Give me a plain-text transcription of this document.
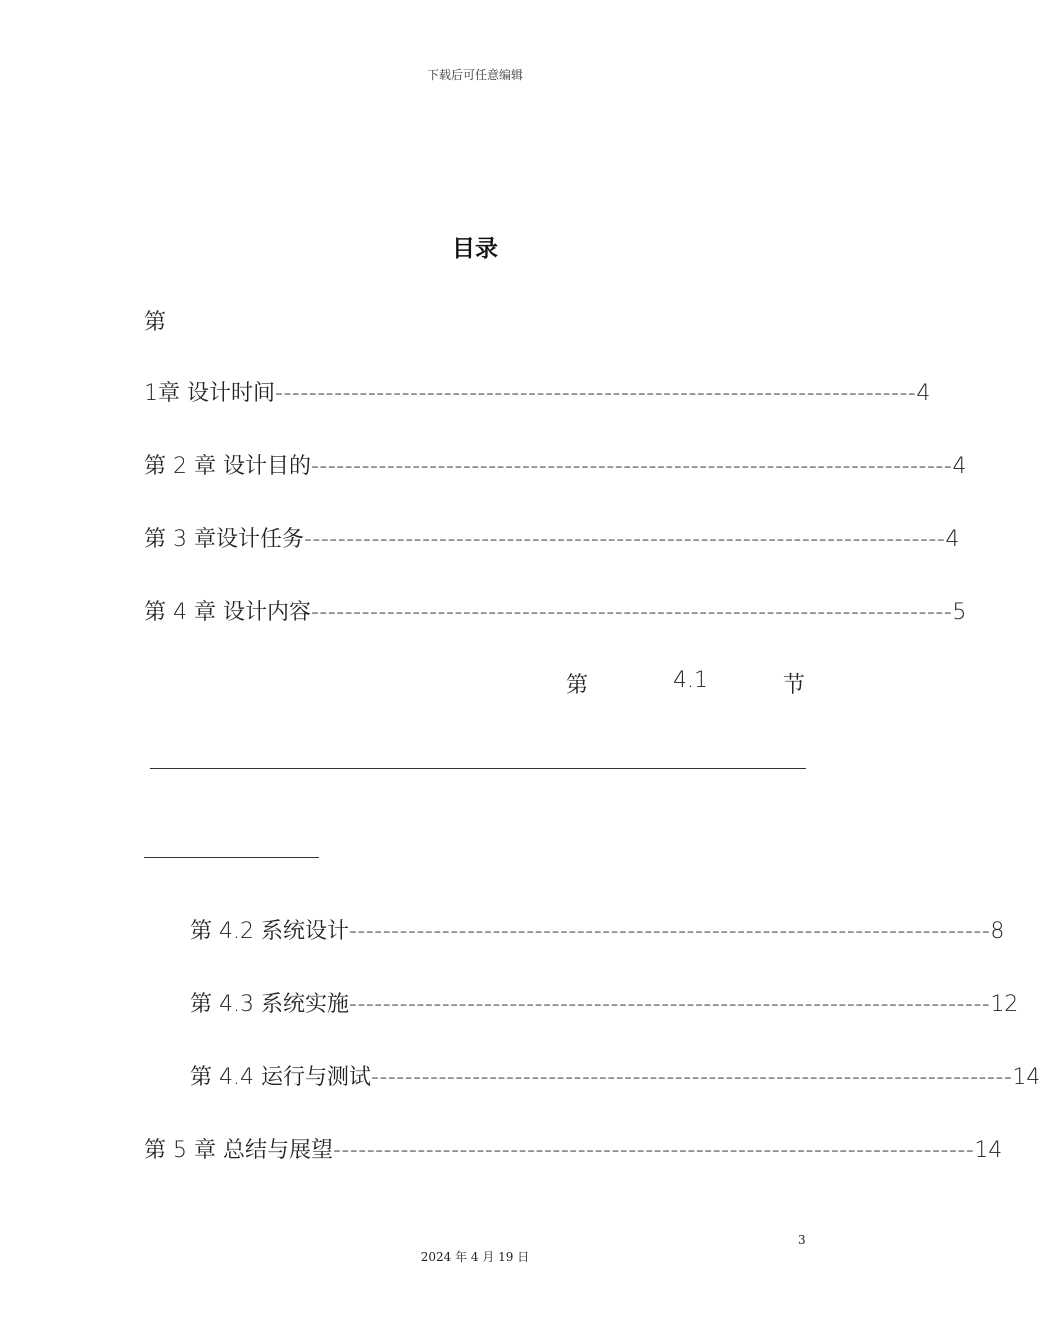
下载后可任意编辑
目录
第
1章 设计时间 ---------------------------------------------------------------------------- 4
第 2 章 设计目的 ---------------------------------------------------------------------------- 4
第 3 章设计任务 ---------------------------------------------------------------------------- 4
第 4 章 设计内容 ---------------------------------------------------------------------------- 5
第	4.1	节
第 4.2 系统设计 ---------------------------------------------------------------------------- 8
第 4.3 系统实施 ---------------------------------------------------------------------------- 12
第 4.4 运行与测试 ---------------------------------------------------------------------------- 14
第 5 章 总结与展望 ---------------------------------------------------------------------------- 14
3
2024 年 4 月 19 日
